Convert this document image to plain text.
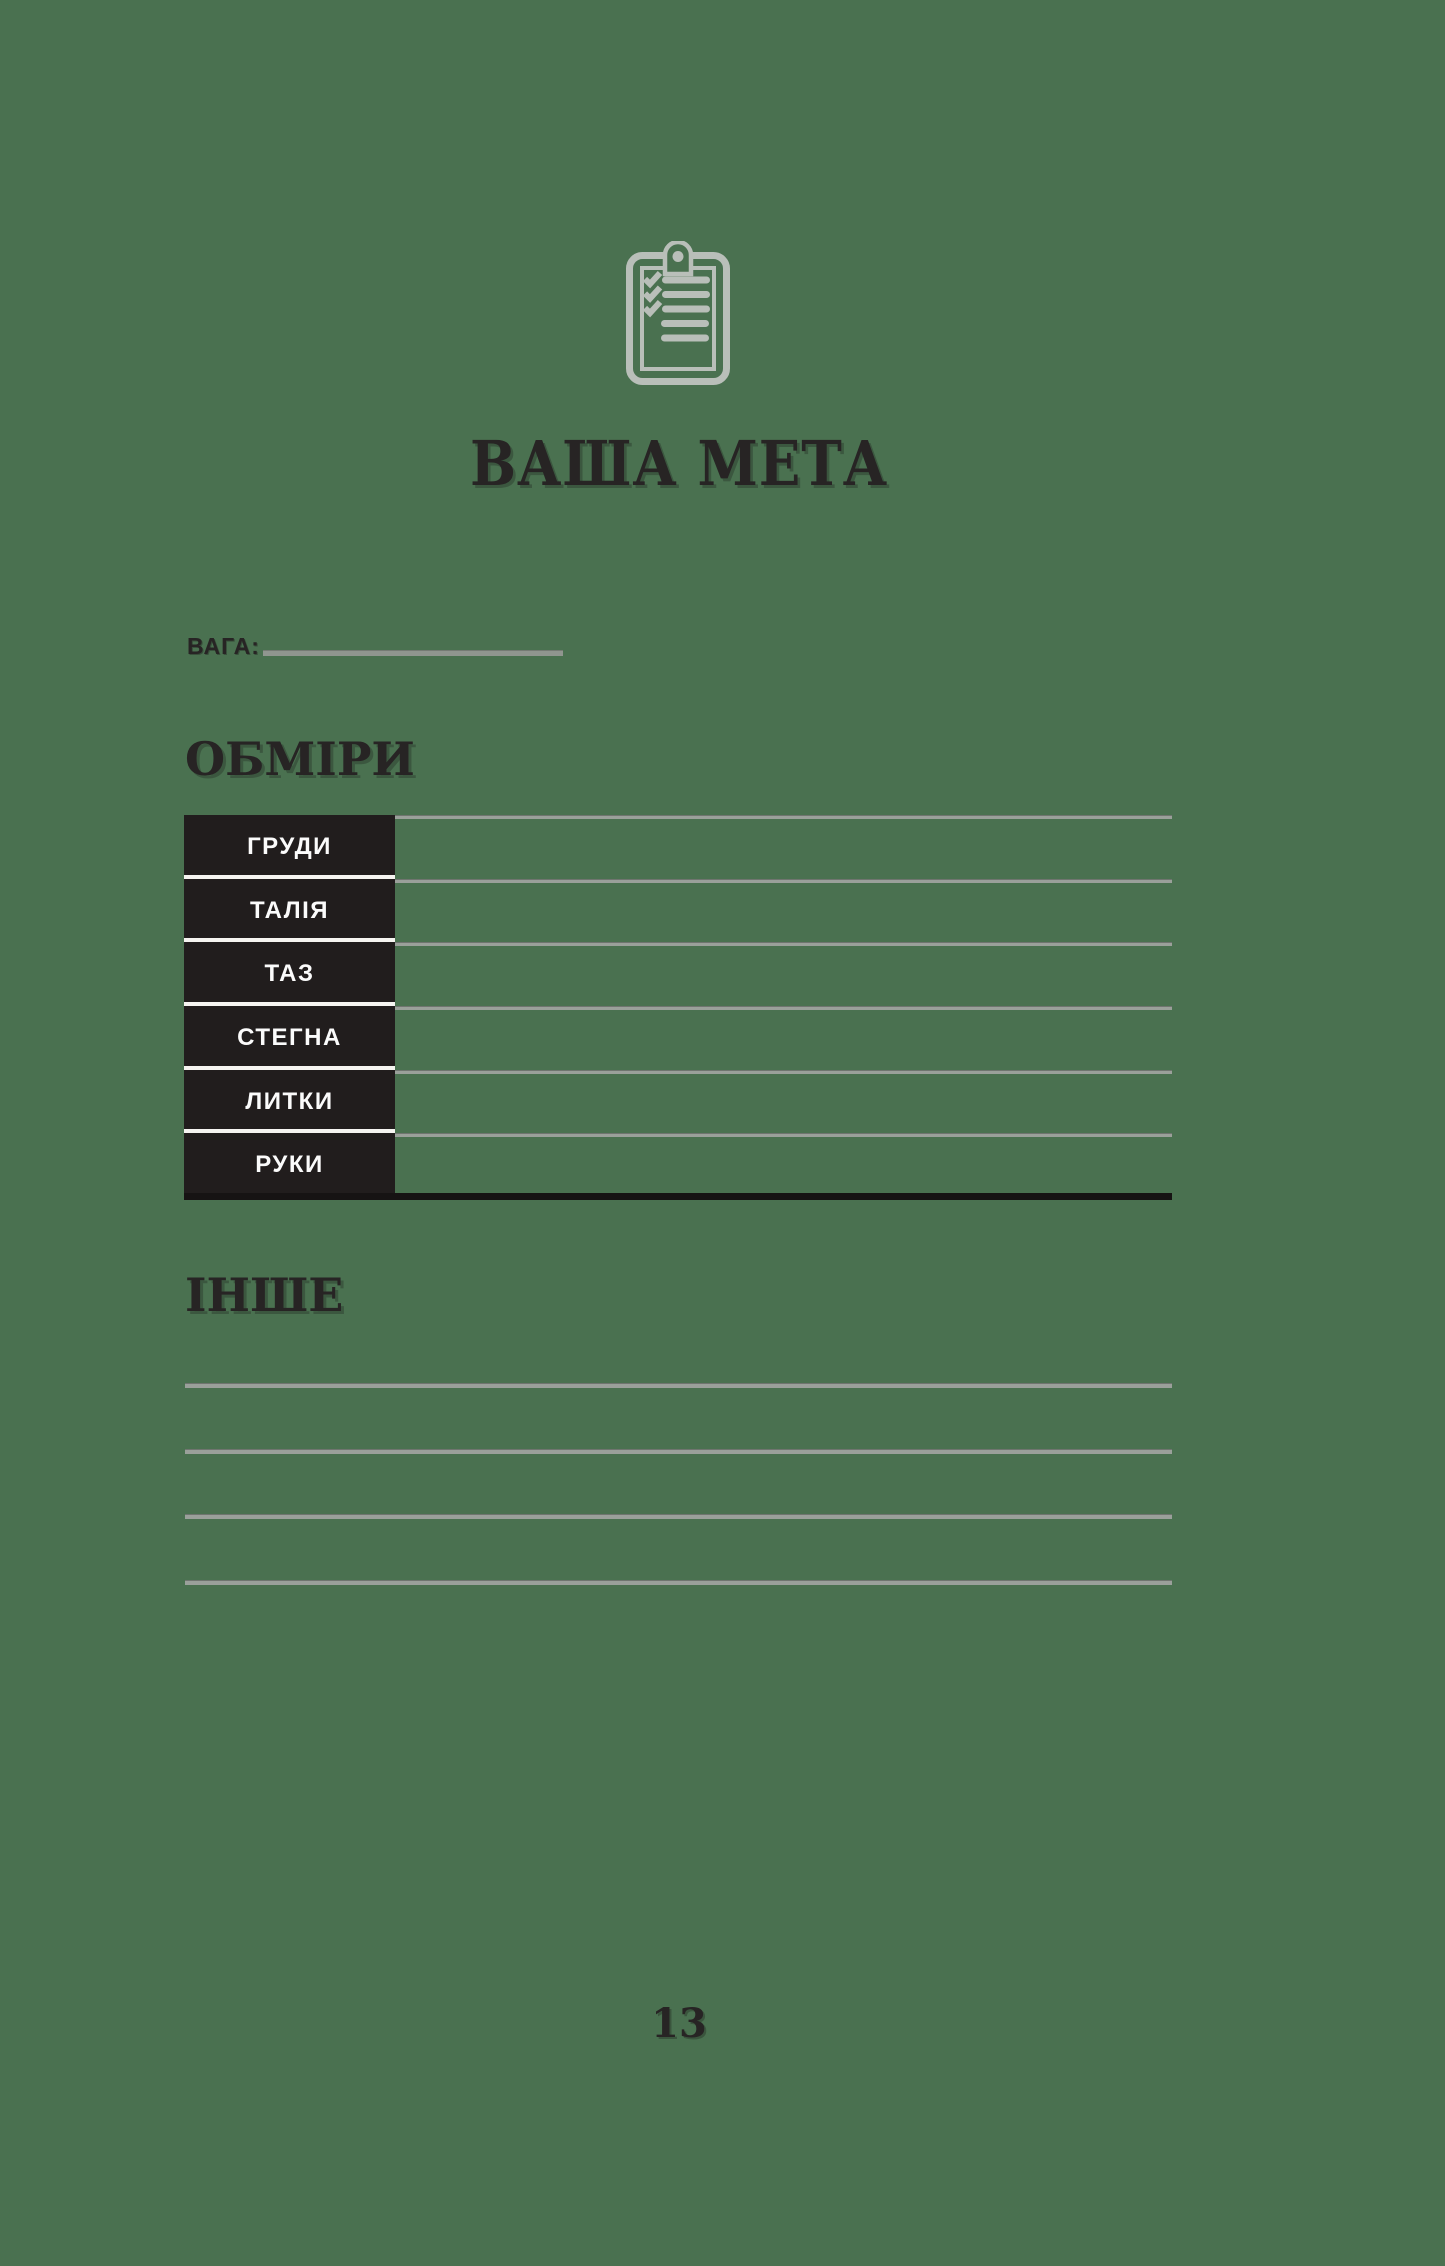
ВАША МЕТА
ВАГА:
ОБМІРИ
ГРУДИ
ТАЛІЯ
ТАЗ
СТЕГНА
ЛИТКИ
РУКИ
ІНШЕ
13
